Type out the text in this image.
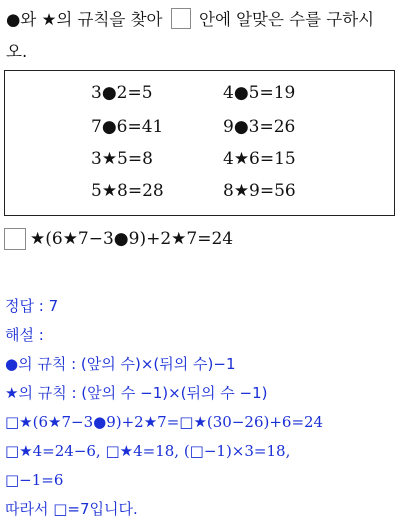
●와 ★의 규칙을 찾아 안에 알맞은 수를 구하시
오.
3●2=5	4●5=19
7●6=41	9●3=26
3★5=8	4★6=15
5★8=28	8★9=56
★(6★7−3●9)+2★7=24
정답 : 7
해설 :
●의 규칙 : (앞의 수)×(뒤의 수)−1
★의 규칙 : (앞의 수 −1)×(뒤의 수 −1)
□★(6★7−3●9)+2★7=□★(30−26)+6=24
□★4=24−6, □★4=18, (□−1)×3=18,
□−1=6
따라서 □=7입니다.
